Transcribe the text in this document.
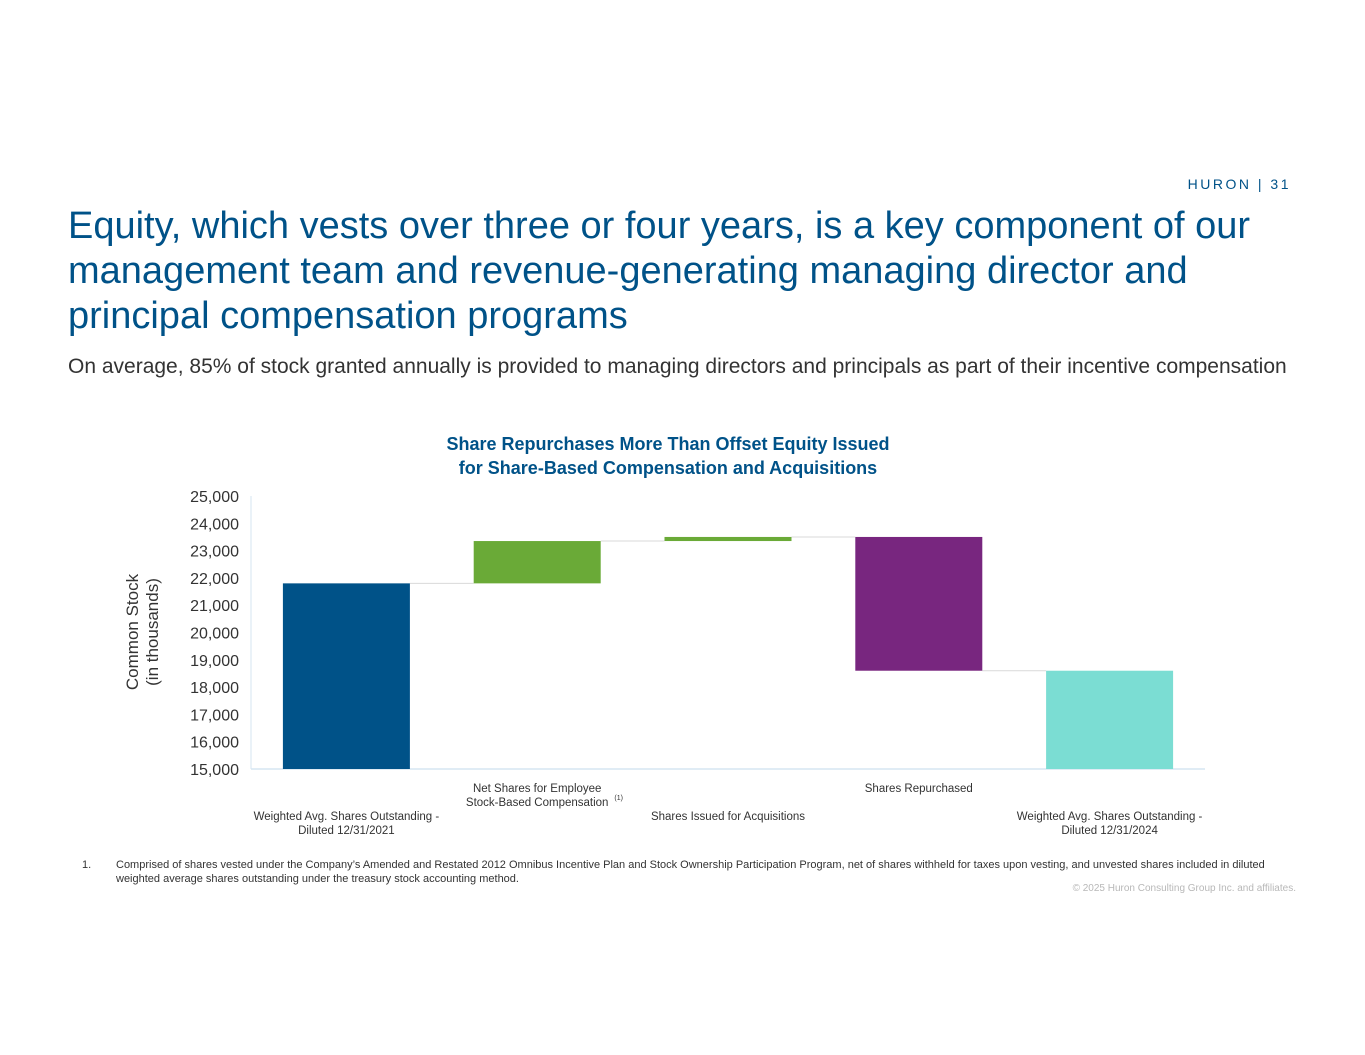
HURON | 31
Equity, which vests over three or four years, is a key component of our management team and revenue-generating managing director and principal compensation programs

On average, 85% of stock granted annually is provided to managing directors and principals as part of their incentive compensation

Share Repurchases More Than Offset Equity Issued
for Share-Based Compensation and Acquisitions
Common Stock (in thousands)
15,000
16,000
17,000
18,000
19,000
20,000
21,000
22,000
23,000
24,000
25,000
Weighted Avg. Shares Outstanding -
Diluted 12/31/2021
Net Shares for Employee
Stock-Based Compensation (1)
Shares Issued for Acquisitions
Shares Repurchased
Weighted Avg. Shares Outstanding -
Diluted 12/31/2024
1. Comprised of shares vested under the Company’s Amended and Restated 2012 Omnibus Incentive Plan and Stock Ownership Participation Program, net of shares withheld for taxes upon vesting, and unvested shares included in diluted weighted average shares outstanding under the treasury stock accounting method.
© 2025 Huron Consulting Group Inc. and affiliates.
